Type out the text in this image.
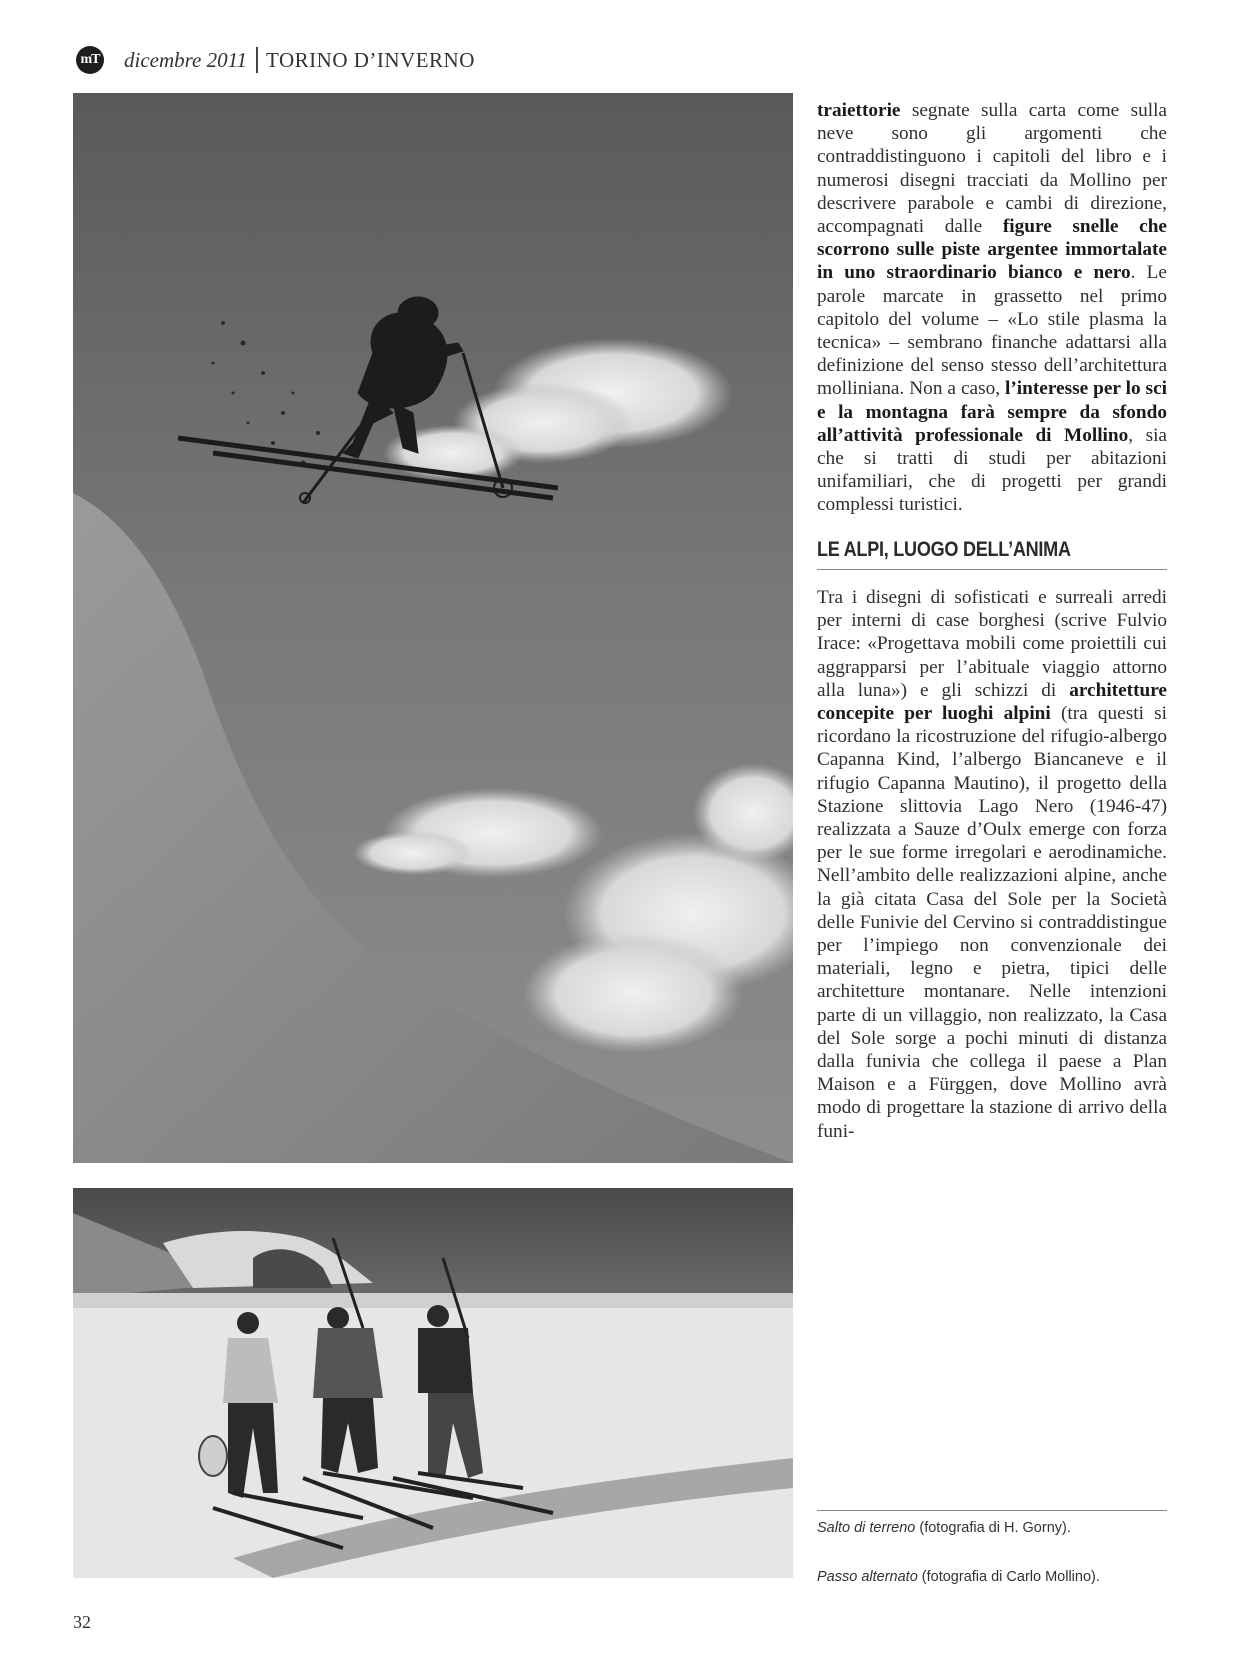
mT dicembre 2011 TORINO D’INVERNO
traiettorie segnate sulla carta come sulla neve sono gli argomenti che contraddistinguono i capitoli del libro e i numerosi disegni tracciati da Mollino per descrivere parabole e cambi di direzione, accompagnati dalle figure snelle che scorrono sulle piste argentee immortalate in uno straordinario bianco e nero. Le parole marcate in grassetto nel primo capitolo del volume – «Lo stile plasma la tecnica» – sembrano finanche adattarsi alla definizione del senso stesso dell’architettura molliniana. Non a caso, l’interesse per lo sci e la montagna farà sempre da sfondo all’attività professionale di Mollino, sia che si tratti di studi per abitazioni unifamiliari, che di progetti per grandi complessi turistici.
LE ALPI, LUOGO DELL’ANIMA
Tra i disegni di sofisticati e surreali arredi per interni di case borghesi (scrive Fulvio Irace: «Progettava mobili come proiettili cui aggrapparsi per l’abituale viaggio attorno alla luna») e gli schizzi di architetture concepite per luoghi alpini (tra questi si ricordano la ricostruzione del rifugio-albergo Capanna Kind, l’albergo Biancaneve e il rifugio Capanna Mautino), il progetto della Stazione slittovia Lago Nero (1946-47) realizzata a Sauze d’Oulx emerge con forza per le sue forme irregolari e aerodinamiche. Nell’ambito delle realizzazioni alpine, anche la già citata Casa del Sole per la Società delle Funivie del Cervino si contraddistingue per l’impiego non convenzionale dei materiali, legno e pietra, tipici delle architetture montanare. Nelle intenzioni parte di un villaggio, non realizzato, la Casa del Sole sorge a pochi minuti di distanza dalla funivia che collega il paese a Plan Maison e a Fürggen, dove Mollino avrà modo di progettare la stazione di arrivo della funi-
Salto di terreno (fotografia di H. Gorny).
Passo alternato (fotografia di Carlo Mollino).
32
